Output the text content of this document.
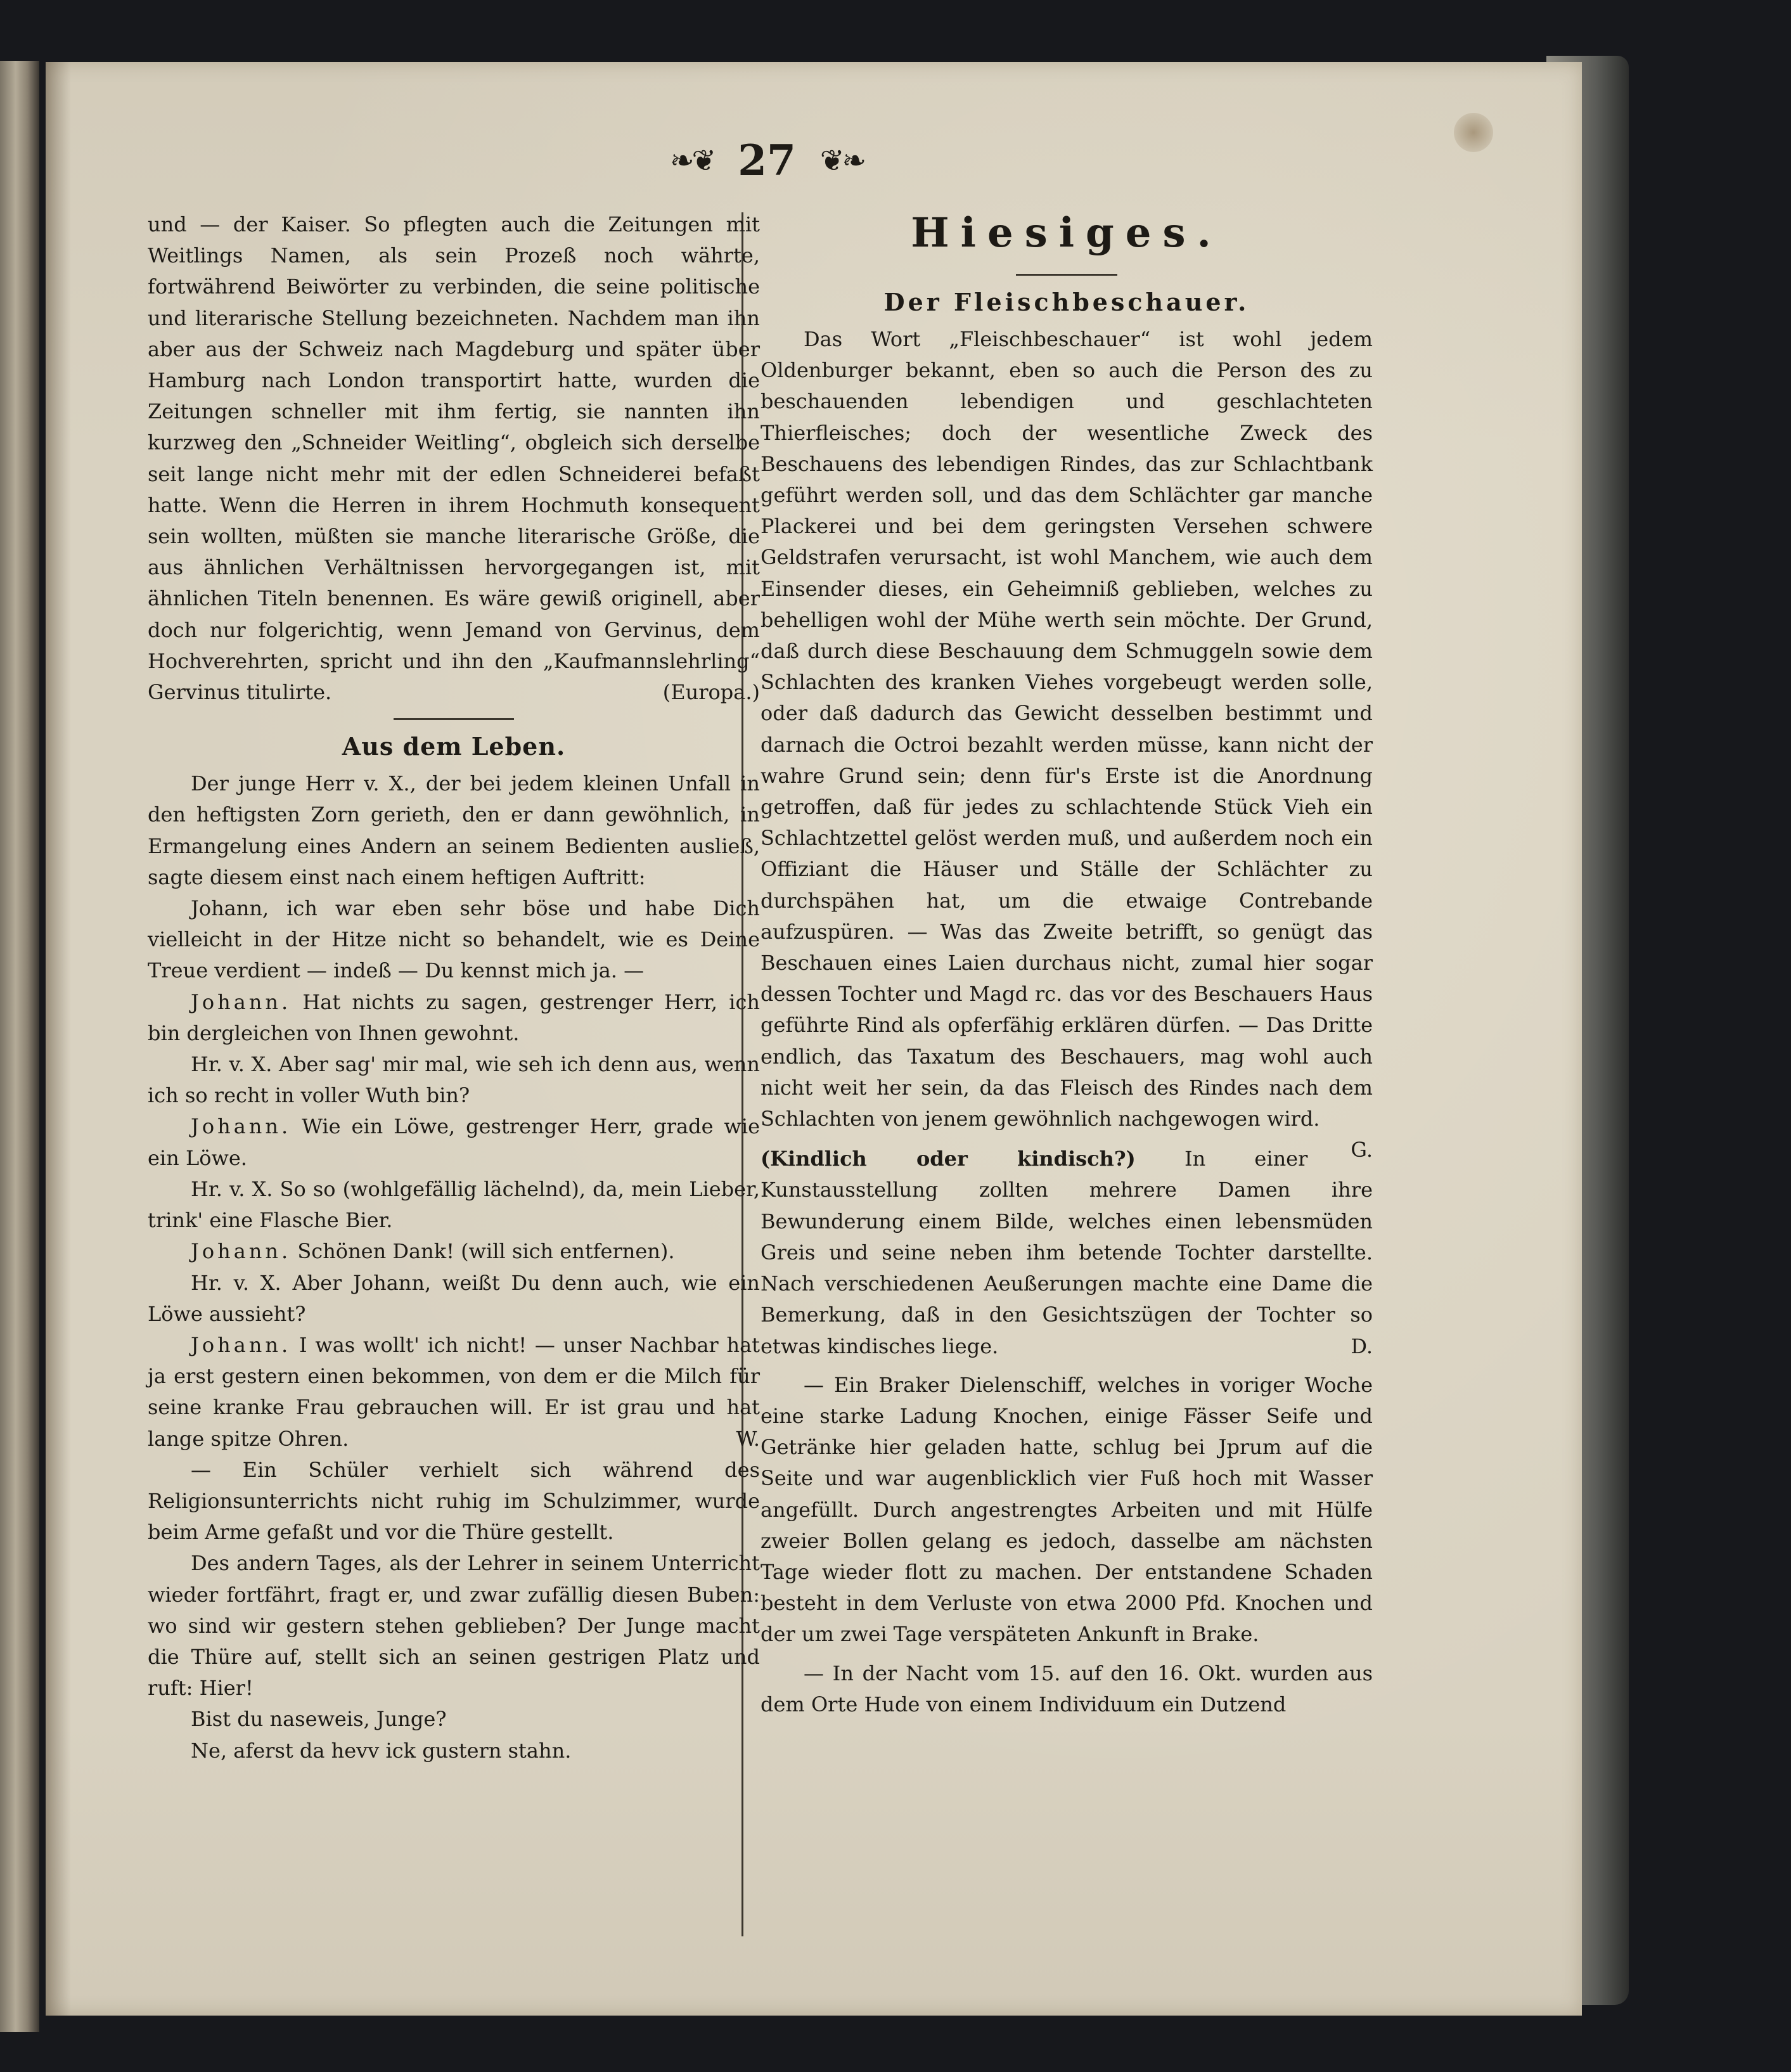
❧❦ 27 ❦❧

und — der Kaiser. So pflegten auch die Zeitungen mit Weitlings Namen, als sein Prozeß noch währte, fortwährend Beiwörter zu verbinden, die seine politische und literarische Stellung bezeichneten. Nachdem man ihn aber aus der Schweiz nach Magdeburg und später über Hamburg nach London transportirt hatte, wurden die Zeitungen schneller mit ihm fertig, sie nannten ihn kurzweg den „Schneider Weitling“, obgleich sich derselbe seit lange nicht mehr mit der edlen Schneiderei befaßt hatte. Wenn die Herren in ihrem Hochmuth konsequent sein wollten, müßten sie manche literarische Größe, die aus ähnlichen Verhältnissen hervorgegangen ist, mit ähnlichen Titeln benennen. Es wäre gewiß originell, aber doch nur folgerichtig, wenn Jemand von Gervinus, dem Hochverehrten, spricht und ihn den „Kaufmannslehrling“ Gervinus titulirte.	(Europa.)

Aus dem Leben.

Der junge Herr v. X., der bei jedem kleinen Unfall in den heftigsten Zorn gerieth, den er dann gewöhnlich, in Ermangelung eines Andern an seinem Bedienten ausließ, sagte diesem einst nach einem heftigen Auftritt:

Johann, ich war eben sehr böse und habe Dich vielleicht in der Hitze nicht so behandelt, wie es Deine Treue verdient — indeß — Du kennst mich ja. —

Johann. Hat nichts zu sagen, gestrenger Herr, ich bin dergleichen von Ihnen gewohnt.

Hr. v. X. Aber sag' mir mal, wie seh ich denn aus, wenn ich so recht in voller Wuth bin?

Johann. Wie ein Löwe, gestrenger Herr, grade wie ein Löwe.

Hr. v. X. So so (wohlgefällig lächelnd), da, mein Lieber, trink' eine Flasche Bier.

Johann. Schönen Dank! (will sich entfernen).

Hr. v. X. Aber Johann, weißt Du denn auch, wie ein Löwe aussieht?

Johann. I was wollt' ich nicht! — unser Nachbar hat ja erst gestern einen bekommen, von dem er die Milch für seine kranke Frau gebrauchen will. Er ist grau und hat lange spitze Ohren.	W.

— Ein Schüler verhielt sich während des Religionsunterrichts nicht ruhig im Schulzimmer, wurde beim Arme gefaßt und vor die Thüre gestellt.

Des andern Tages, als der Lehrer in seinem Unterricht wieder fortfährt, fragt er, und zwar zufällig diesen Buben: wo sind wir gestern stehen geblieben? Der Junge macht die Thüre auf, stellt sich an seinen gestrigen Platz und ruft: Hier!

Bist du naseweis, Junge?

Ne, aferst da hevv ick gustern stahn.

Hiesiges.
Der Fleischbeschauer.

Das Wort „Fleischbeschauer“ ist wohl jedem Oldenburger bekannt, eben so auch die Person des zu beschauenden lebendigen und geschlachteten Thierfleisches; doch der wesentliche Zweck des Beschauens des lebendigen Rindes, das zur Schlachtbank geführt werden soll, und das dem Schlächter gar manche Plackerei und bei dem geringsten Versehen schwere Geldstrafen verursacht, ist wohl Manchem, wie auch dem Einsender dieses, ein Geheimniß geblieben, welches zu behelligen wohl der Mühe werth sein möchte. Der Grund, daß durch diese Beschauung dem Schmuggeln sowie dem Schlachten des kranken Viehes vorgebeugt werden solle, oder daß dadurch das Gewicht desselben bestimmt und darnach die Octroi bezahlt werden müsse, kann nicht der wahre Grund sein; denn für's Erste ist die Anordnung getroffen, daß für jedes zu schlachtende Stück Vieh ein Schlachtzettel gelöst werden muß, und außerdem noch ein Offiziant die Häuser und Ställe der Schlächter zu durchspähen hat, um die etwaige Contrebande aufzuspüren. — Was das Zweite betrifft, so genügt das Beschauen eines Laien durchaus nicht, zumal hier sogar dessen Tochter und Magd rc. das vor des Beschauers Haus geführte Rind als opferfähig erklären dürfen. — Das Dritte endlich, das Taxatum des Beschauers, mag wohl auch nicht weit her sein, da das Fleisch des Rindes nach dem Schlachten von jenem gewöhnlich nachgewogen wird.
G.

(Kindlich oder kindisch?) In einer Kunstausstellung zollten mehrere Damen ihre Bewunderung einem Bilde, welches einen lebensmüden Greis und seine neben ihm betende Tochter darstellte. Nach verschiedenen Aeußerungen machte eine Dame die Bemerkung, daß in den Gesichtszügen der Tochter so etwas kindisches liege.	D.

— Ein Braker Dielenschiff, welches in voriger Woche eine starke Ladung Knochen, einige Fässer Seife und Getränke hier geladen hatte, schlug bei Jprum auf die Seite und war augenblicklich vier Fuß hoch mit Wasser angefüllt. Durch angestrengtes Arbeiten und mit Hülfe zweier Bollen gelang es jedoch, dasselbe am nächsten Tage wieder flott zu machen. Der entstandene Schaden besteht in dem Verluste von etwa 2000 Pfd. Knochen und der um zwei Tage verspäteten Ankunft in Brake.

— In der Nacht vom 15. auf den 16. Okt. wurden aus dem Orte Hude von einem Individuum ein Dutzend
